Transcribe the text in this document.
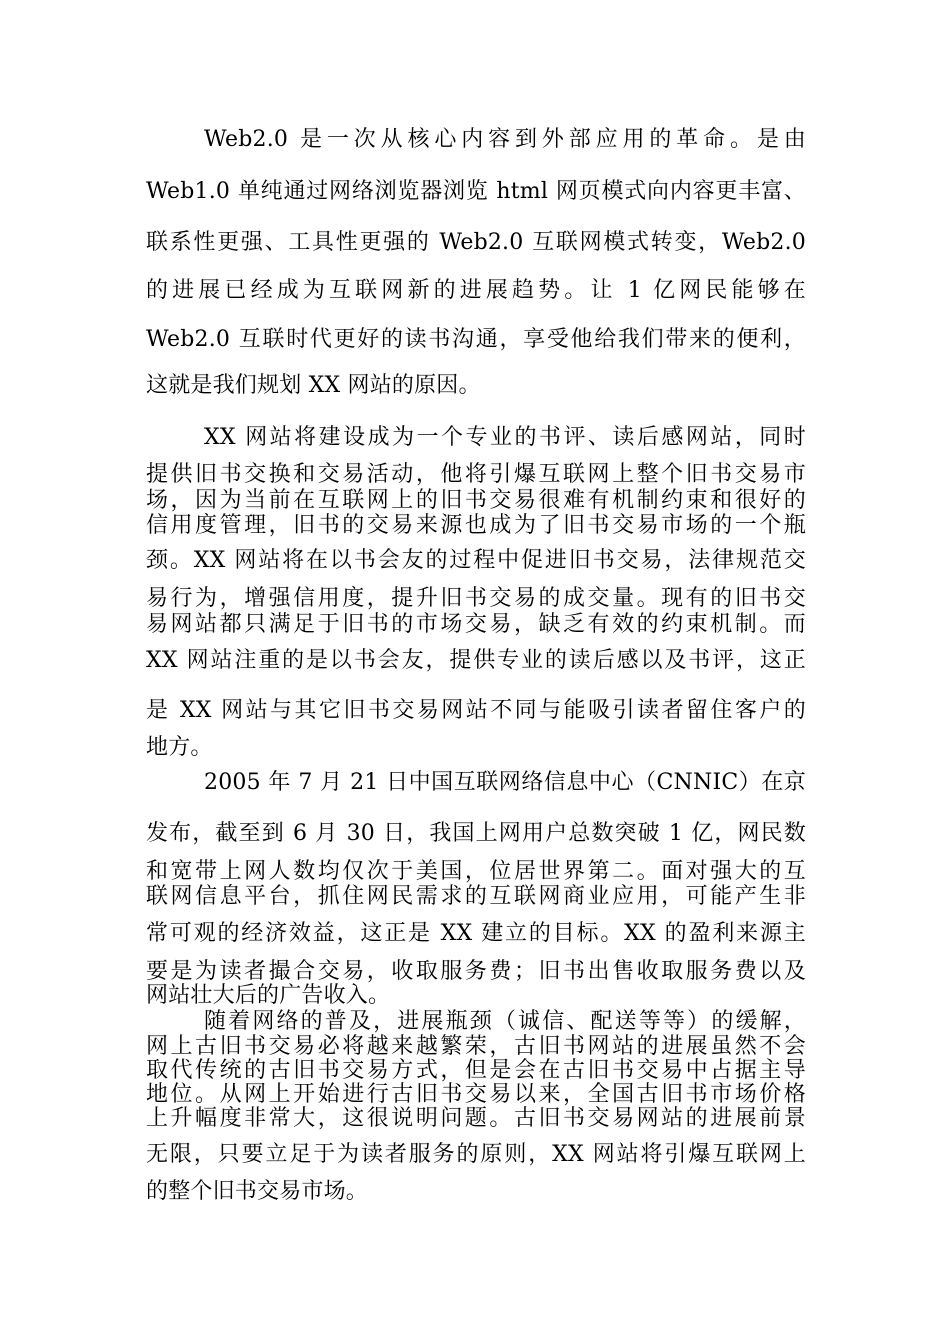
Web2.0 是一次从核心内容到外部应用的革命。是由
Web1.0 单纯通过网络浏览器浏览 html 网页模式向内容更丰富、
联系性更强、工具性更强的 Web2.0 互联网模式转变，Web2.0
的进展已经成为互联网新的进展趋势。让 1 亿网民能够在
Web2.0 互联时代更好的读书沟通，享受他给我们带来的便利，
这就是我们规划 XX 网站的原因。
XX 网站将建设成为一个专业的书评、读后感网站，同时
提供旧书交换和交易活动，他将引爆互联网上整个旧书交易市
场，因为当前在互联网上的旧书交易很难有机制约束和很好的
信用度管理，旧书的交易来源也成为了旧书交易市场的一个瓶
颈。XX 网站将在以书会友的过程中促进旧书交易，法律规范交
易行为，增强信用度，提升旧书交易的成交量。现有的旧书交
易网站都只满足于旧书的市场交易，缺乏有效的约束机制。而
XX 网站注重的是以书会友，提供专业的读后感以及书评，这正
是 XX 网站与其它旧书交易网站不同与能吸引读者留住客户的
地方。
2005 年 7 月 21 日中国互联网络信息中心（CNNIC）在京
发布，截至到 6 月 30 日，我国上网用户总数突破 1 亿，网民数
和宽带上网人数均仅次于美国，位居世界第二。面对强大的互
联网信息平台，抓住网民需求的互联网商业应用，可能产生非
常可观的经济效益，这正是 XX 建立的目标。XX 的盈利来源主
要是为读者撮合交易，收取服务费；旧书出售收取服务费以及
网站壮大后的广告收入。
随着网络的普及，进展瓶颈（诚信、配送等等）的缓解，
网上古旧书交易必将越来越繁荣，古旧书网站的进展虽然不会
取代传统的古旧书交易方式，但是会在古旧书交易中占据主导
地位。从网上开始进行古旧书交易以来，全国古旧书市场价格
上升幅度非常大，这很说明问题。古旧书交易网站的进展前景
无限，只要立足于为读者服务的原则，XX 网站将引爆互联网上
的整个旧书交易市场。
